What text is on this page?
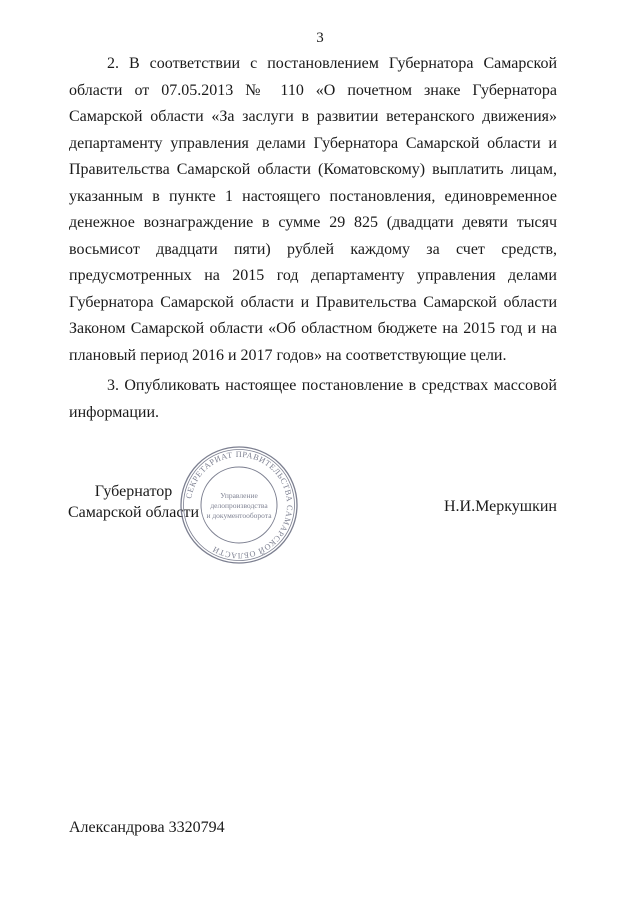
3

2. В соответствии с постановлением Губернатора Самарской области от 07.05.2013 № 110 «О почетном знаке Губернатора Самарской области «За заслуги в развитии ветеранского движения» департаменту управления делами Губернатора Самарской области и Правительства Самарской области (Коматовскому) выплатить лицам, указанным в пункте 1 настоящего постановления, единовременное денежное вознаграждение в сумме 29 825 (двадцати девяти тысяч восьмисот двадцати пяти) рублей каждому за счет средств, предусмотренных на 2015 год департаменту управления делами Губернатора Самарской области и Правительства Самарской области Законом Самарской области «Об областном бюджете на 2015 год и на плановый период 2016 и 2017 годов» на соответствующие цели.

3. Опубликовать настоящее постановление в средствах массовой информации.

Губернатор
Самарской области
СЕКРЕТАРИАТ ПРАВИТЕЛЬСТВА САМАРСКОЙ ОБЛАСТИ
Управление
делопроизводства
и документооборота
Н.И.Меркушкин
Александрова 3320794
